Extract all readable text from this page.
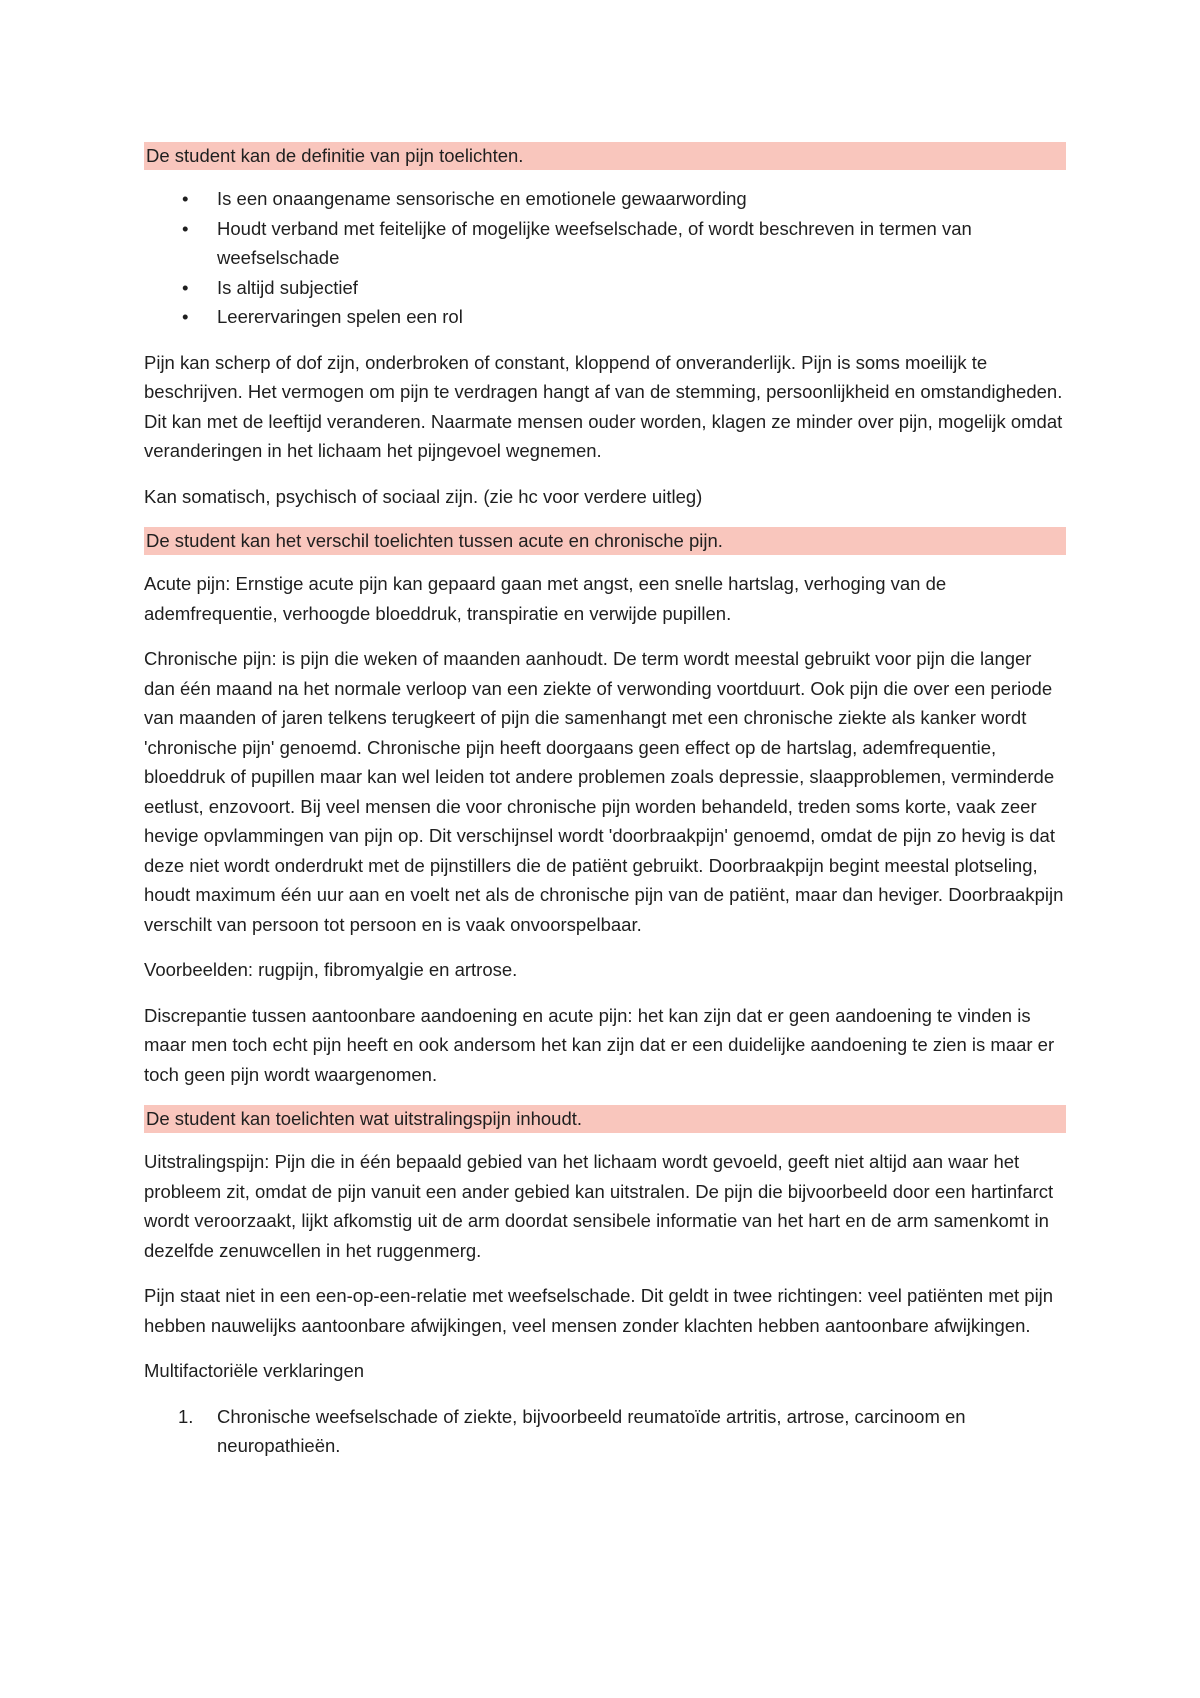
De student kan de definitie van pijn toelichten.
• Is een onaangename sensorische en emotionele gewaarwording
• Houdt verband met feitelijke of mogelijke weefselschade, of wordt beschreven in termen van weefselschade
• Is altijd subjectief
• Leerervaringen spelen een rol

Pijn kan scherp of dof zijn, onderbroken of constant, kloppend of onveranderlijk. Pijn is soms moeilijk te beschrijven. Het vermogen om pijn te verdragen hangt af van de stemming, persoonlijkheid en omstandigheden. Dit kan met de leeftijd veranderen. Naarmate mensen ouder worden, klagen ze minder over pijn, mogelijk omdat veranderingen in het lichaam het pijngevoel wegnemen.

Kan somatisch, psychisch of sociaal zijn. (zie hc voor verdere uitleg)

De student kan het verschil toelichten tussen acute en chronische pijn.

Acute pijn: Ernstige acute pijn kan gepaard gaan met angst, een snelle hartslag, verhoging van de ademfrequentie, verhoogde bloeddruk, transpiratie en verwijde pupillen.

Chronische pijn: is pijn die weken of maanden aanhoudt. De term wordt meestal gebruikt voor pijn die langer dan één maand na het normale verloop van een ziekte of verwonding voortduurt. Ook pijn die over een periode van maanden of jaren telkens terugkeert of pijn die samenhangt met een chronische ziekte als kanker wordt 'chronische pijn' genoemd. Chronische pijn heeft doorgaans geen effect op de hartslag, ademfrequentie, bloeddruk of pupillen maar kan wel leiden tot andere problemen zoals depressie, slaapproblemen, verminderde eetlust, enzovoort. Bij veel mensen die voor chronische pijn worden behandeld, treden soms korte, vaak zeer hevige opvlammingen van pijn op. Dit verschijnsel wordt 'doorbraakpijn' genoemd, omdat de pijn zo hevig is dat deze niet wordt onderdrukt met de pijnstillers die de patiënt gebruikt. Doorbraakpijn begint meestal plotseling, houdt maximum één uur aan en voelt net als de chronische pijn van de patiënt, maar dan heviger. Doorbraakpijn verschilt van persoon tot persoon en is vaak onvoorspelbaar.

Voorbeelden: rugpijn, fibromyalgie en artrose.

Discrepantie tussen aantoonbare aandoening en acute pijn: het kan zijn dat er geen aandoening te vinden is maar men toch echt pijn heeft en ook andersom het kan zijn dat er een duidelijke aandoening te zien is maar er toch geen pijn wordt waargenomen.

De student kan toelichten wat uitstralingspijn inhoudt.

Uitstralingspijn: Pijn die in één bepaald gebied van het lichaam wordt gevoeld, geeft niet altijd aan waar het probleem zit, omdat de pijn vanuit een ander gebied kan uitstralen. De pijn die bijvoorbeeld door een hartinfarct wordt veroorzaakt, lijkt afkomstig uit de arm doordat sensibele informatie van het hart en de arm samenkomt in dezelfde zenuwcellen in het ruggenmerg.

Pijn staat niet in een een-op-een-relatie met weefselschade. Dit geldt in twee richtingen: veel patiënten met pijn hebben nauwelijks aantoonbare afwijkingen, veel mensen zonder klachten hebben aantoonbare afwijkingen.

Multifactoriële verklaringen

1. Chronische weefselschade of ziekte, bijvoorbeeld reumatoïde artritis, artrose, carcinoom en neuropathieën.
